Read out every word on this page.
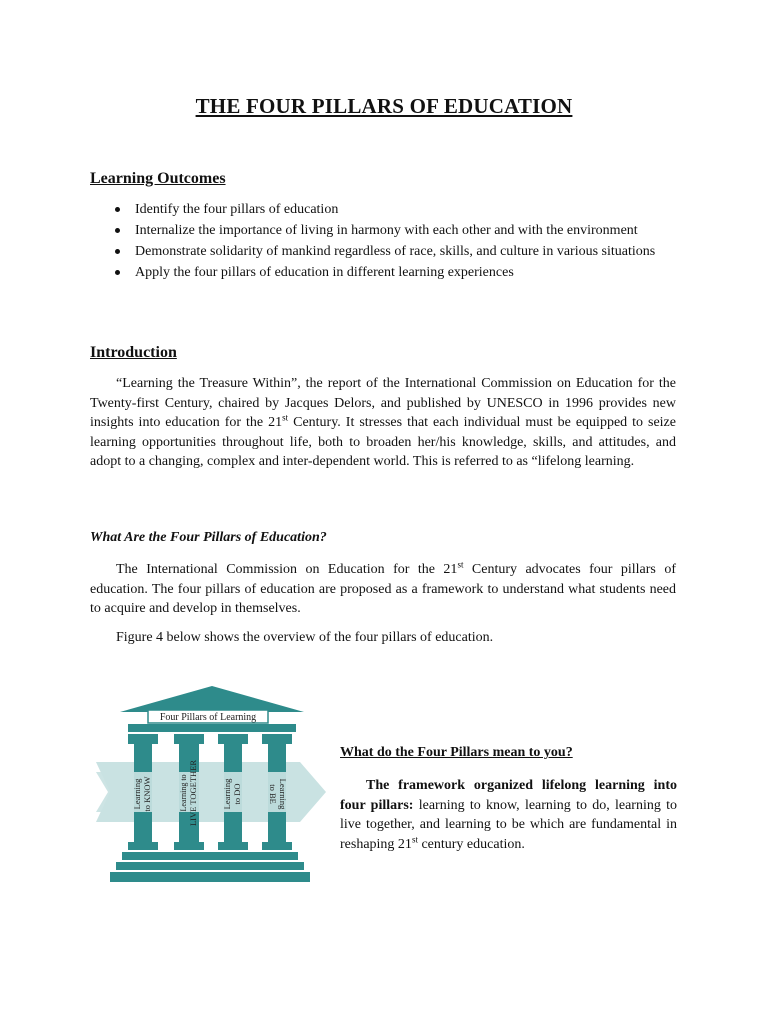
THE FOUR PILLARS OF EDUCATION
Learning Outcomes
Identify the four pillars of education
Internalize the importance of living in harmony with each other and with the environment
Demonstrate solidarity of mankind regardless of race, skills, and culture in various situations
Apply the four pillars of education in different learning experiences
Introduction
“Learning the Treasure Within”, the report of the International Commission on Education for the Twenty-first Century, chaired by Jacques Delors, and published by UNESCO in 1996 provides new insights into education for the 21st Century. It stresses that each individual must be equipped to seize learning opportunities throughout life, both to broaden her/his knowledge, skills, and attitudes, and adopt to a changing, complex and inter-dependent world. This is referred to as “lifelong learning.
What Are the Four Pillars of Education?
The International Commission on Education for the 21st Century advocates four pillars of education. The four pillars of education are proposed as a framework to understand what students need to acquire and develop in themselves.
Figure 4 below shows the overview of the four pillars of education.
Four Pillars of Learning
Learning to KNOW	Learning to LIVE TOGETHER	Learning to DO	Learning
to BE
What do the Four Pillars mean to you?
The framework organized lifelong learning into four pillars: learning to know, learning to do, learning to live together, and learning to be which are fundamental in reshaping 21st century education.
